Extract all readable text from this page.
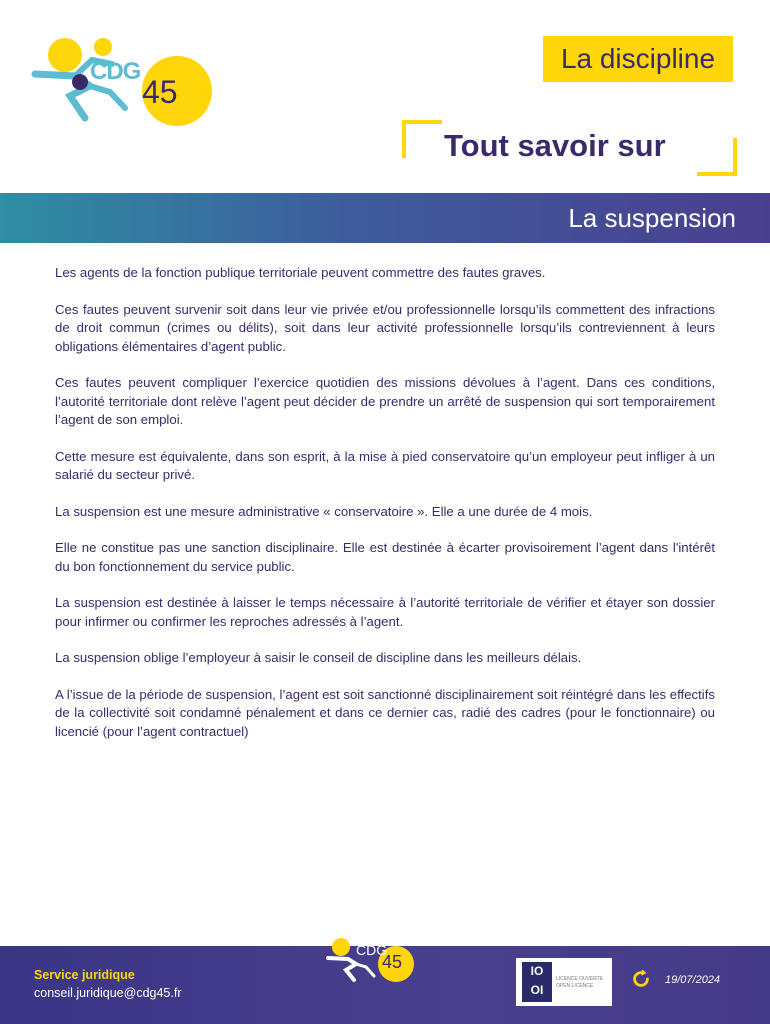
CDG
45
La discipline
Tout savoir sur
La suspension

Les agents de la fonction publique territoriale peuvent commettre des fautes graves.

Ces fautes peuvent survenir soit dans leur vie privée et/ou professionnelle lorsqu’ils commettent des infractions de droit commun (crimes ou délits), soit dans leur activité professionnelle lorsqu’ils contreviennent à leurs obligations élémentaires d’agent public.

Ces fautes peuvent compliquer l’exercice quotidien des missions dévolues à l’agent. Dans ces conditions, l’autorité territoriale dont relève l’agent peut décider de prendre un arrêté de suspension qui sort temporairement l’agent de son emploi.

Cette mesure est équivalente, dans son esprit, à la mise à pied conservatoire qu’un employeur peut infliger à un salarié du secteur privé.

La suspension est une mesure administrative « conservatoire ». Elle a une durée de 4 mois.

Elle ne constitue pas une sanction disciplinaire. Elle est destinée à écarter provisoirement l’agent dans l'intérêt du bon fonctionnement du service public.

La suspension est destinée à laisser le temps nécessaire à l’autorité territoriale de vérifier et étayer son dossier pour infirmer ou confirmer les reproches adressés à l’agent.

La suspension oblige l’employeur à saisir le conseil de discipline dans les meilleurs délais.

A l’issue de la période de suspension, l’agent est soit sanctionné disciplinairement soit réintégré dans les effectifs de la collectivité soit condamné pénalement et dans ce dernier cas, radié des cadres (pour le fonctionnaire) ou licencié (pour l’agent contractuel)

Service juridique
conseil.juridique@cdg45.fr
CDG
45	IO
OI
LICENCE OUVERTE OPEN LICENCE	19/07/2024
